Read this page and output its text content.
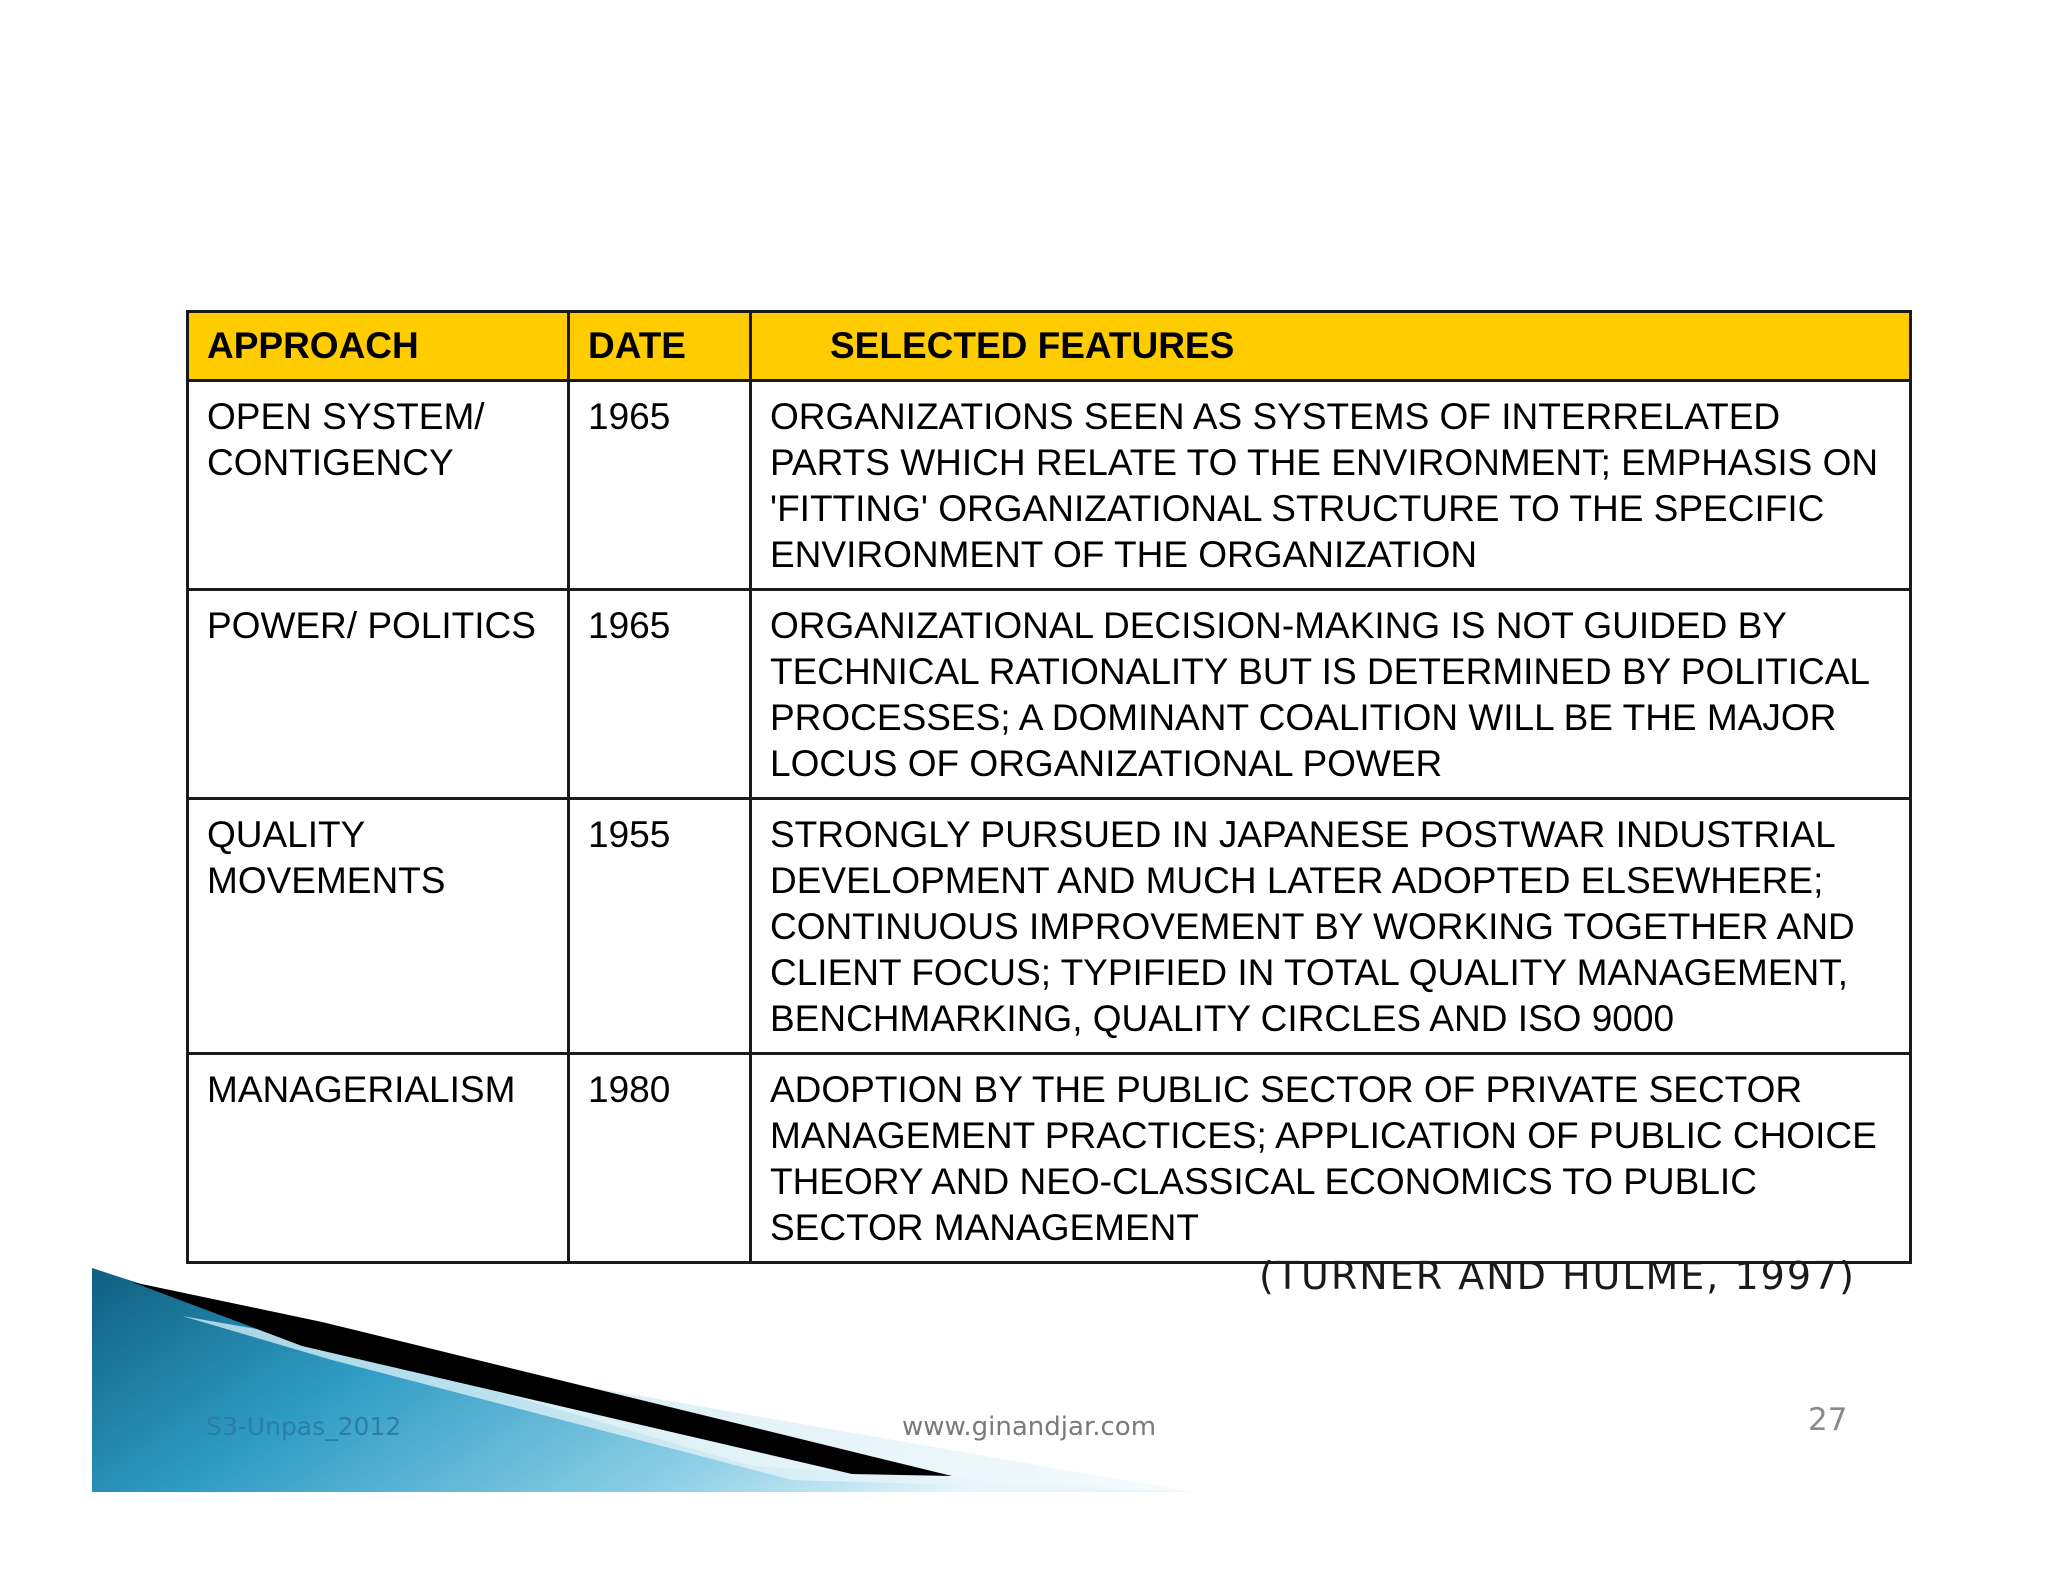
APPROACH	DATE	SELECTED FEATURES
OPEN SYSTEM/ CONTIGENCY	1965	ORGANIZATIONS SEEN AS SYSTEMS OF INTERRELATED PARTS WHICH RELATE TO THE ENVIRONMENT; EMPHASIS ON 'FITTING' ORGANIZATIONAL STRUCTURE TO THE SPECIFIC ENVIRONMENT OF THE ORGANIZATION
POWER/ POLITICS	1965	ORGANIZATIONAL DECISION-MAKING IS NOT GUIDED BY TECHNICAL RATIONALITY BUT IS DETERMINED BY POLITICAL PROCESSES; A DOMINANT COALITION WILL BE THE MAJOR LOCUS OF ORGANIZATIONAL POWER
QUALITY MOVEMENTS	1955	STRONGLY PURSUED IN JAPANESE POSTWAR INDUSTRIAL DEVELOPMENT AND MUCH LATER ADOPTED ELSEWHERE; CONTINUOUS IMPROVEMENT BY WORKING TOGETHER AND CLIENT FOCUS; TYPIFIED IN TOTAL QUALITY MANAGEMENT, BENCHMARKING, QUALITY CIRCLES AND ISO 9000
MANAGERIALISM	1980	ADOPTION BY THE PUBLIC SECTOR OF PRIVATE SECTOR MANAGEMENT PRACTICES; APPLICATION OF PUBLIC CHOICE THEORY AND NEO-CLASSICAL ECONOMICS TO PUBLIC SECTOR MANAGEMENT
(TURNER AND HULME, 1997)
S3-Unpas_2012	www.ginandjar.com	27
